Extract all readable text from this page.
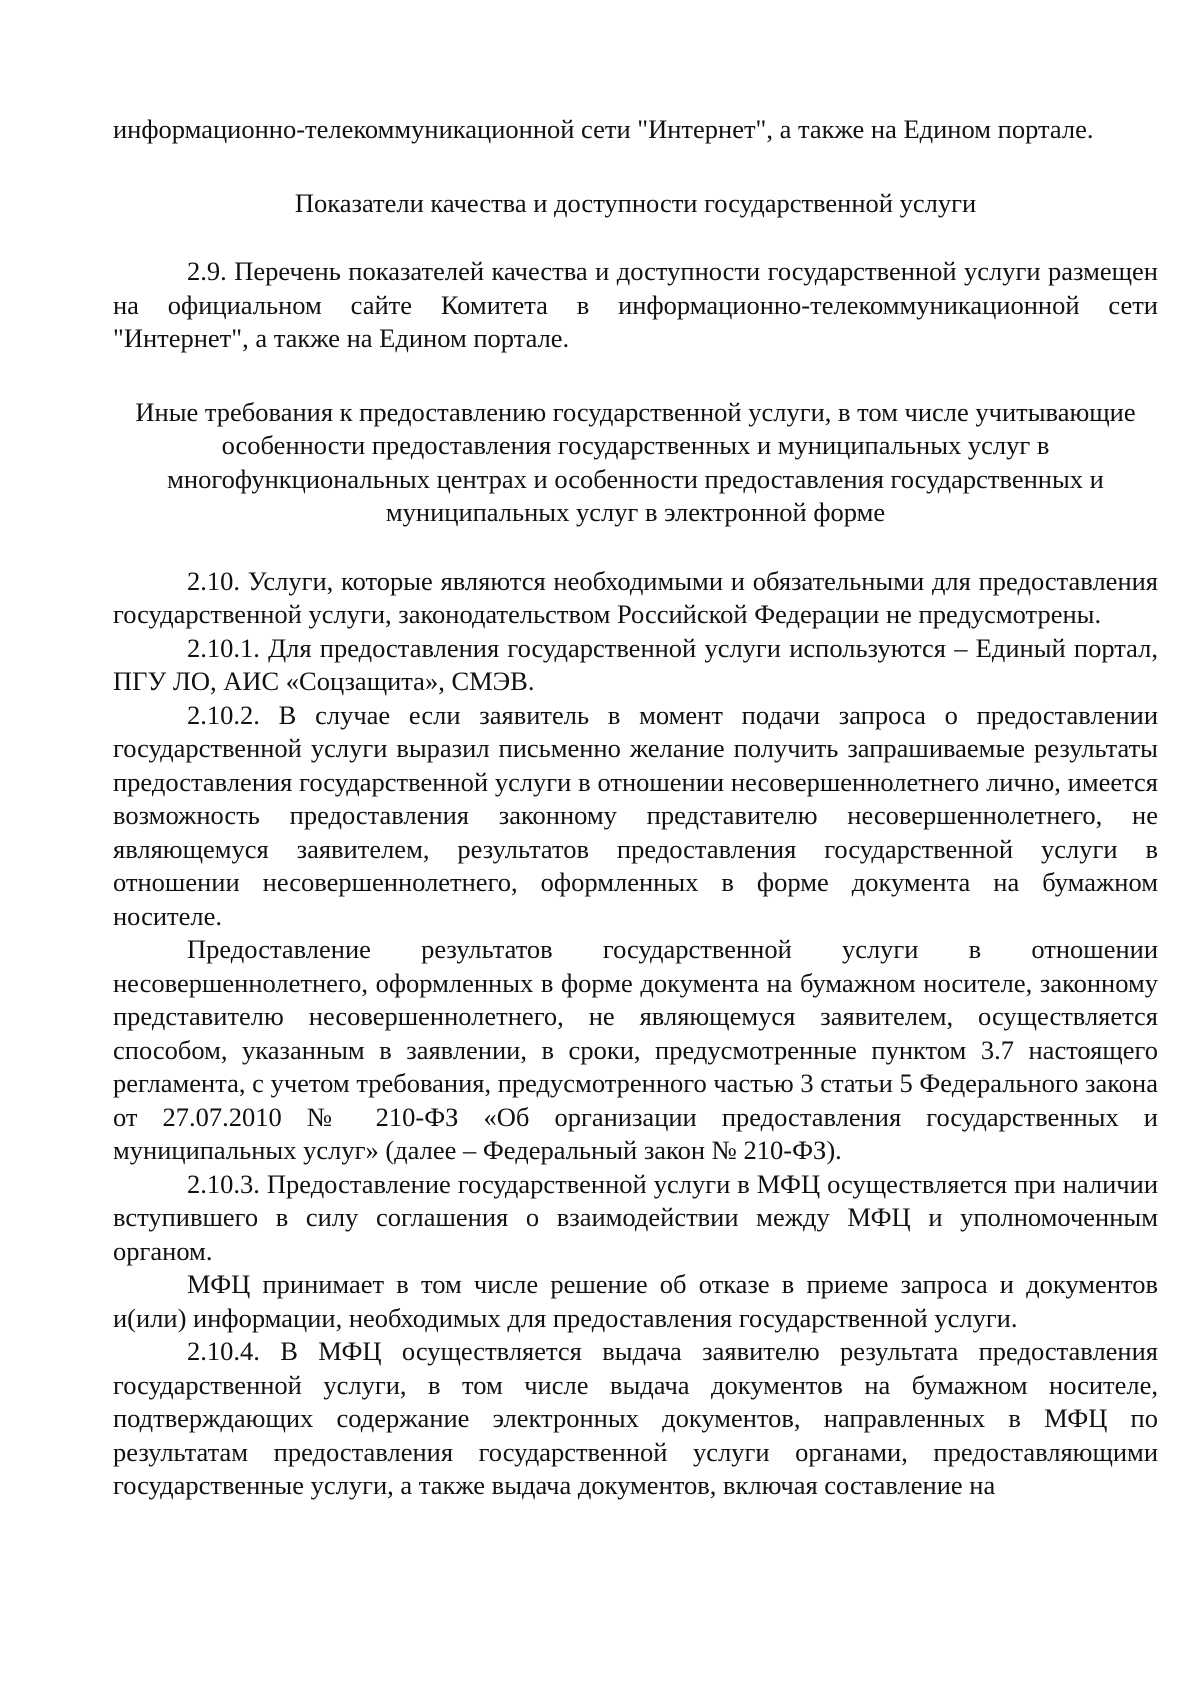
информационно-телекоммуникационной сети "Интернет", а также на Едином портале.

Показатели качества и доступности государственной услуги

2.9. Перечень показателей качества и доступности государственной услуги размещен на официальном сайте Комитета в информационно-телекоммуникационной сети "Интернет", а также на Едином портале.

Иные требования к предоставлению государственной услуги, в том числе учитывающие особенности предоставления государственных и муниципальных услуг в многофункциональных центрах и особенности предоставления государственных и муниципальных услуг в электронной форме

2.10. Услуги, которые являются необходимыми и обязательными для предоставления государственной услуги, законодательством Российской Федерации не предусмотрены.

2.10.1. Для предоставления государственной услуги используются – Единый портал, ПГУ ЛО, АИС «Соцзащита», СМЭВ.

2.10.2. В случае если заявитель в момент подачи запроса о предоставлении государственной услуги выразил письменно желание получить запрашиваемые результаты предоставления государственной услуги в отношении несовершеннолетнего лично, имеется возможность предоставления законному представителю несовершеннолетнего, не являющемуся заявителем, результатов предоставления государственной услуги в отношении несовершеннолетнего, оформленных в форме документа на бумажном носителе.

Предоставление результатов государственной услуги в отношении несовершеннолетнего, оформленных в форме документа на бумажном носителе, законному представителю несовершеннолетнего, не являющемуся заявителем, осуществляется способом, указанным в заявлении, в сроки, предусмотренные пунктом 3.7 настоящего регламента, с учетом требования, предусмотренного частью 3 статьи 5 Федерального закона от 27.07.2010 № 210-ФЗ «Об организации предоставления государственных и муниципальных услуг» (далее – Федеральный закон № 210-ФЗ).

2.10.3. Предоставление государственной услуги в МФЦ осуществляется при наличии вступившего в силу соглашения о взаимодействии между МФЦ и уполномоченным органом.

МФЦ принимает в том числе решение об отказе в приеме запроса и документов и(или) информации, необходимых для предоставления государственной услуги.

2.10.4. В МФЦ осуществляется выдача заявителю результата предоставления государственной услуги, в том числе выдача документов на бумажном носителе, подтверждающих содержание электронных документов, направленных в МФЦ по результатам предоставления государственной услуги органами, предоставляющими государственные услуги, а также выдача документов, включая составление на
